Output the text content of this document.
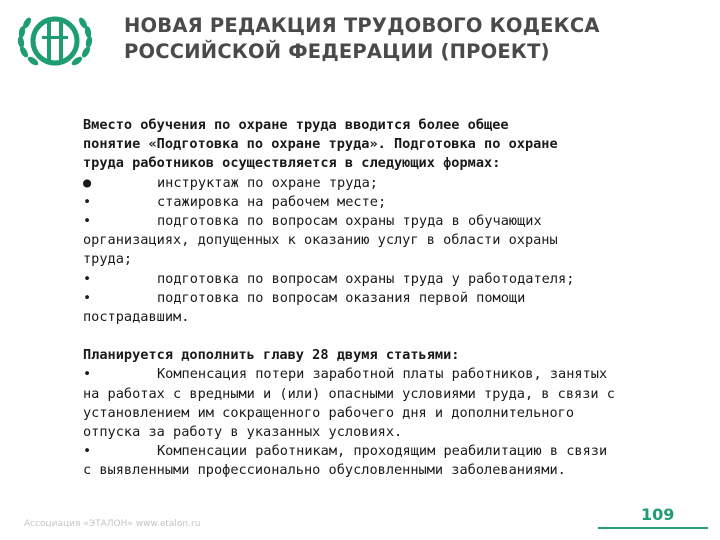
НОВАЯ РЕДАКЦИЯ ТРУДОВОГО КОДЕКСА
РОССИЙСКОЙ ФЕДЕРАЦИИ (ПРОЕКТ)
Вместо обучения по охране труда вводится более общее
понятие «Подготовка по охране труда». Подготовка по охране
труда работников осуществляется в следующих формах:
●	инструктаж по охране труда;
•	стажировка на рабочем месте;
•	подготовка по вопросам охраны труда в обучающих
организациях, допущенных к оказанию услуг в области охраны
труда;
•	подготовка по вопросам охраны труда у работодателя;
•	подготовка по вопросам оказания первой помощи
пострадавшим.
Планируется дополнить главу 28 двумя статьями:
•	Компенсация потери заработной платы работников, занятых
на работах с вредными и (или) опасными условиями труда, в связи с
установлением им сокращенного рабочего дня и дополнительного
отпуска за работу в указанных условиях.
•	Компенсации работникам, проходящим реабилитацию в связи
с выявленными профессионально обусловленными заболеваниями.
Ассоциация «ЭТАЛОН» www.etalon.ru	109
